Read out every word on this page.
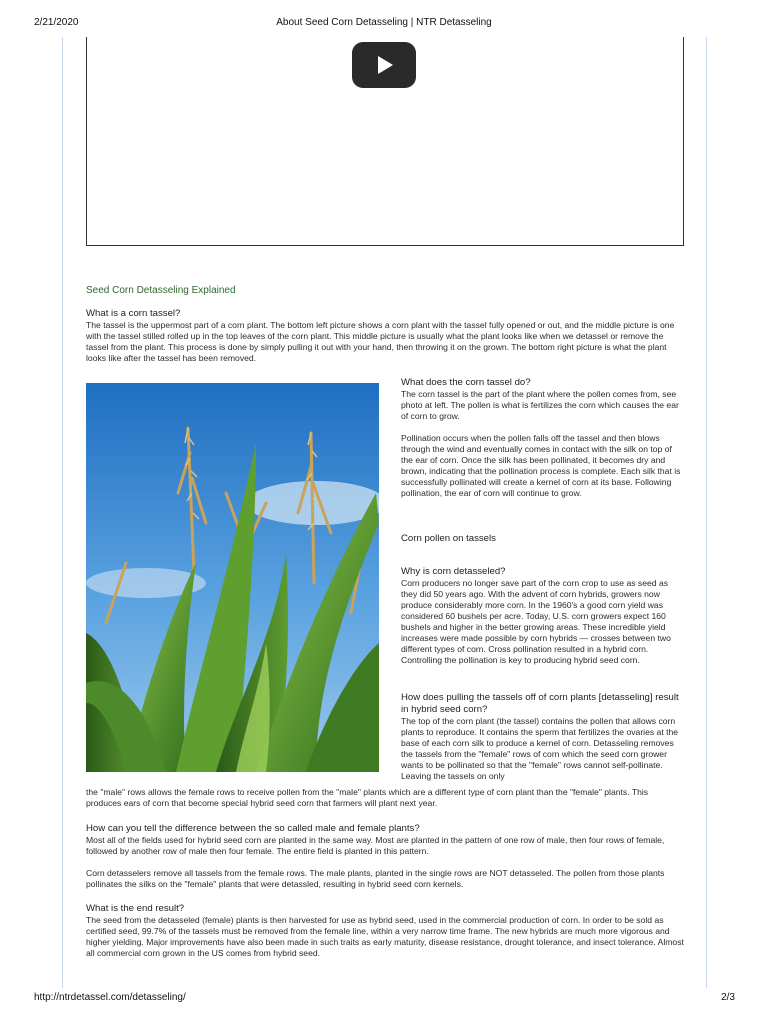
2/21/2020	About Seed Corn Detasseling | NTR Detasseling
Seed Corn Detasseling Explained
What is a corn tassel?
The tassel is the uppermost part of a corn plant. The bottom left picture shows a corn plant with the tassel fully opened or out, and the middle picture is one with the tassel stilled rolled up in the top leaves of the corn plant. This middle picture is usually what the plant looks like when we detassel or remove the tassel from the plant. This process is done by simply pulling it out with your hand, then throwing it on the grown. The bottom right picture is what the plant looks like after the tassel has been removed.
What does the corn tassel do?
The corn tassel is the part of the plant where the pollen comes from, see photo at left. The pollen is what is fertilizes the corn which causes the ear of corn to grow.
Pollination occurs when the pollen falls off the tassel and then blows through the wind and eventually comes in contact with the silk on top of the ear of corn. Once the silk has been pollinated, it becomes dry and brown, indicating that the pollination process is complete. Each silk that is successfully pollinated will create a kernel of corn at its base. Following pollination, the ear of corn will continue to grow.
Corn pollen on tassels
Why is corn detasseled?
Corn producers no longer save part of the corn crop to use as seed as they did 50 years ago. With the advent of corn hybrids, growers now produce considerably more corn. In the 1960's a good corn yield was considered 60 bushels per acre. Today, U.S. corn growers expect 160 bushels and higher in the better growing areas. These incredible yield increases were made possible by corn hybrids — crosses between two different types of corn. Cross pollination resulted in a hybrid corn. Controlling the pollination is key to producing hybrid seed corn.
How does pulling the tassels off of corn plants [detasseling] result in hybrid seed corn?
The top of the corn plant (the tassel) contains the pollen that allows corn plants to reproduce. It contains the sperm that fertilizes the ovaries at the base of each corn silk to produce a kernel of corn. Detasseling removes the tassels from the "female" rows of corn which the seed corn grower wants to be pollinated so that the "female" rows cannot self-pollinate. Leaving the tassels on only
the "male" rows allows the female rows to receive pollen from the "male" plants which are a different type of corn plant than the "female" plants. This produces ears of corn that become special hybrid seed corn that farmers will plant next year.
How can you tell the difference between the so called male and female plants?
Most all of the fields used for hybrid seed corn are planted in the same way. Most are planted in the pattern of one row of male, then four rows of female, followed by another row of male then four female. The entire field is planted in this pattern.
Corn detasselers remove all tassels from the female rows. The male plants, planted in the single rows are NOT detasseled. The pollen from those plants pollinates the silks on the "female" plants that were detassled, resulting in hybrid seed corn kernels.
What is the end result?
The seed from the detasseled (female) plants is then harvested for use as hybrid seed, used in the commercial production of corn. In order to be sold as certified seed, 99.7% of the tassels must be removed from the female line, within a very narrow time frame. The new hybrids are much more vigorous and higher yielding. Major improvements have also been made in such traits as early maturity, disease resistance, drought tolerance, and insect tolerance. Almost all commercial corn grown in the US comes from hybrid seed.
http://ntrdetassel.com/detasseling/	2/3
